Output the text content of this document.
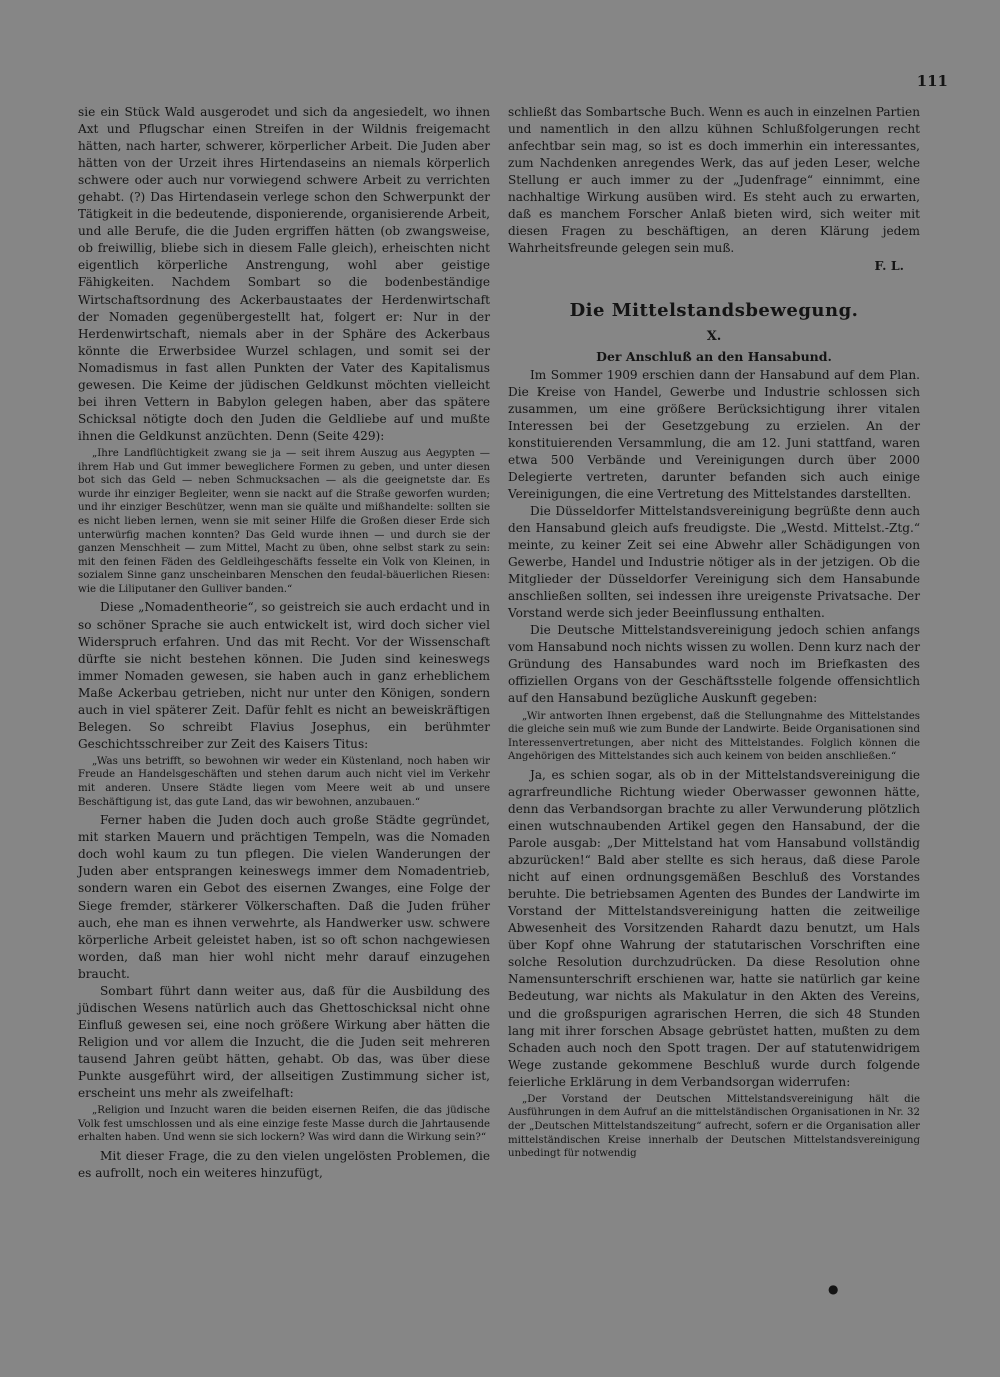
111

sie ein Stück Wald ausgerodet und sich da angesiedelt, wo ihnen Axt und Pflugschar einen Streifen in der Wildnis freigemacht hätten, nach harter, schwerer, körperlicher Arbeit. Die Juden aber hätten von der Urzeit ihres Hirtendaseins an niemals körperlich schwere oder auch nur vorwiegend schwere Arbeit zu verrichten gehabt. (?) Das Hirtendasein verlege schon den Schwerpunkt der Tätigkeit in die bedeutende, disponierende, organisierende Arbeit, und alle Berufe, die die Juden ergriffen hätten (ob zwangsweise, ob freiwillig, bliebe sich in diesem Falle gleich), erheischten nicht eigentlich körperliche Anstrengung, wohl aber geistige Fähigkeiten. Nachdem Sombart so die bodenbeständige Wirtschaftsordnung des Ackerbaustaates der Herdenwirtschaft der Nomaden gegenübergestellt hat, folgert er: Nur in der Herdenwirtschaft, niemals aber in der Sphäre des Ackerbaus könnte die Erwerbsidee Wurzel schlagen, und somit sei der Nomadismus in fast allen Punkten der Vater des Kapitalismus gewesen. Die Keime der jüdischen Geldkunst möchten vielleicht bei ihren Vettern in Babylon gelegen haben, aber das spätere Schicksal nötigte doch den Juden die Geldliebe auf und mußte ihnen die Geldkunst anzüchten. Denn (Seite 429):

„Ihre Landflüchtigkeit zwang sie ja — seit ihrem Auszug aus Aegypten — ihrem Hab und Gut immer beweglichere Formen zu geben, und unter diesen bot sich das Geld — neben Schmucksachen — als die geeignetste dar. Es wurde ihr einziger Begleiter, wenn sie nackt auf die Straße geworfen wurden; und ihr einziger Beschützer, wenn man sie quälte und mißhandelte: sollten sie es nicht lieben lernen, wenn sie mit seiner Hilfe die Großen dieser Erde sich unterwürfig machen konnten? Das Geld wurde ihnen — und durch sie der ganzen Menschheit — zum Mittel, Macht zu üben, ohne selbst stark zu sein: mit den feinen Fäden des Geldleihgeschäfts fesselte ein Volk von Kleinen, in sozialem Sinne ganz unscheinbaren Menschen den feudal-bäuerlichen Riesen: wie die Liliputaner den Gulliver banden.“

Diese „Nomadentheorie“, so geistreich sie auch erdacht und in so schöner Sprache sie auch entwickelt ist, wird doch sicher viel Widerspruch erfahren. Und das mit Recht. Vor der Wissenschaft dürfte sie nicht bestehen können. Die Juden sind keineswegs immer Nomaden gewesen, sie haben auch in ganz erheblichem Maße Ackerbau getrieben, nicht nur unter den Königen, sondern auch in viel späterer Zeit. Dafür fehlt es nicht an beweiskräftigen Belegen. So schreibt Flavius Josephus, ein berühmter Geschichtsschreiber zur Zeit des Kaisers Titus:

„Was uns betrifft, so bewohnen wir weder ein Küstenland, noch haben wir Freude an Handelsgeschäften und stehen darum auch nicht viel im Verkehr mit anderen. Unsere Städte liegen vom Meere weit ab und unsere Beschäftigung ist, das gute Land, das wir bewohnen, anzubauen.“

Ferner haben die Juden doch auch große Städte gegründet, mit starken Mauern und prächtigen Tempeln, was die Nomaden doch wohl kaum zu tun pflegen. Die vielen Wanderungen der Juden aber entsprangen keineswegs immer dem Nomadentrieb, sondern waren ein Gebot des eisernen Zwanges, eine Folge der Siege fremder, stärkerer Völkerschaften. Daß die Juden früher auch, ehe man es ihnen verwehrte, als Handwerker usw. schwere körperliche Arbeit geleistet haben, ist so oft schon nachgewiesen worden, daß man hier wohl nicht mehr darauf einzugehen braucht.

Sombart führt dann weiter aus, daß für die Ausbildung des jüdischen Wesens natürlich auch das Ghettoschicksal nicht ohne Einfluß gewesen sei, eine noch größere Wirkung aber hätten die Religion und vor allem die Inzucht, die die Juden seit mehreren tausend Jahren geübt hätten, gehabt. Ob das, was über diese Punkte ausgeführt wird, der allseitigen Zustimmung sicher ist, erscheint uns mehr als zweifelhaft:

„Religion und Inzucht waren die beiden eisernen Reifen, die das jüdische Volk fest umschlossen und als eine einzige feste Masse durch die Jahrtausende erhalten haben. Und wenn sie sich lockern? Was wird dann die Wirkung sein?“

Mit dieser Frage, die zu den vielen ungelösten Problemen, die es aufrollt, noch ein weiteres hinzufügt,

schließt das Sombartsche Buch. Wenn es auch in einzelnen Partien und namentlich in den allzu kühnen Schlußfolgerungen recht anfechtbar sein mag, so ist es doch immerhin ein interessantes, zum Nachdenken anregendes Werk, das auf jeden Leser, welche Stellung er auch immer zu der „Judenfrage“ einnimmt, eine nachhaltige Wirkung ausüben wird. Es steht auch zu erwarten, daß es manchem Forscher Anlaß bieten wird, sich weiter mit diesen Fragen zu beschäftigen, an deren Klärung jedem Wahrheitsfreunde gelegen sein muß.

F. L.

Die Mittelstandsbewegung.
X.
Der Anschluß an den Hansabund.

Im Sommer 1909 erschien dann der Hansabund auf dem Plan. Die Kreise von Handel, Gewerbe und Industrie schlossen sich zusammen, um eine größere Berücksichtigung ihrer vitalen Interessen bei der Gesetzgebung zu erzielen. An der konstituierenden Versammlung, die am 12. Juni stattfand, waren etwa 500 Verbände und Vereinigungen durch über 2000 Delegierte vertreten, darunter befanden sich auch einige Vereinigungen, die eine Vertretung des Mittelstandes darstellten.

Die Düsseldorfer Mittelstandsvereinigung begrüßte denn auch den Hansabund gleich aufs freudigste. Die „Westd. Mittelst.-Ztg.“ meinte, zu keiner Zeit sei eine Abwehr aller Schädigungen von Gewerbe, Handel und Industrie nötiger als in der jetzigen. Ob die Mitglieder der Düsseldorfer Vereinigung sich dem Hansabunde anschließen sollten, sei indessen ihre ureigenste Privatsache. Der Vorstand werde sich jeder Beeinflussung enthalten.

Die Deutsche Mittelstandsvereinigung jedoch schien anfangs vom Hansabund noch nichts wissen zu wollen. Denn kurz nach der Gründung des Hansabundes ward noch im Briefkasten des offiziellen Organs von der Geschäftsstelle folgende offensichtlich auf den Hansabund bezügliche Auskunft gegeben:

„Wir antworten Ihnen ergebenst, daß die Stellungnahme des Mittelstandes die gleiche sein muß wie zum Bunde der Landwirte. Beide Organisationen sind Interessenvertretungen, aber nicht des Mittelstandes. Folglich können die Angehörigen des Mittelstandes sich auch keinem von beiden anschließen.“

Ja, es schien sogar, als ob in der Mittelstandsvereinigung die agrarfreundliche Richtung wieder Oberwasser gewonnen hätte, denn das Verbandsorgan brachte zu aller Verwunderung plötzlich einen wutschnaubenden Artikel gegen den Hansabund, der die Parole ausgab: „Der Mittelstand hat vom Hansabund vollständig abzurücken!“ Bald aber stellte es sich heraus, daß diese Parole nicht auf einen ordnungsgemäßen Beschluß des Vorstandes beruhte. Die betriebsamen Agenten des Bundes der Landwirte im Vorstand der Mittelstandsvereinigung hatten die zeitweilige Abwesenheit des Vorsitzenden Rahardt dazu benutzt, um Hals über Kopf ohne Wahrung der statutarischen Vorschriften eine solche Resolution durchzudrücken. Da diese Resolution ohne Namensunterschrift erschienen war, hatte sie natürlich gar keine Bedeutung, war nichts als Makulatur in den Akten des Vereins, und die großspurigen agrarischen Herren, die sich 48 Stunden lang mit ihrer forschen Absage gebrüstet hatten, mußten zu dem Schaden auch noch den Spott tragen. Der auf statutenwidrigem Wege zustande gekommene Beschluß wurde durch folgende feierliche Erklärung in dem Verbandsorgan widerrufen:

„Der Vorstand der Deutschen Mittelstandsvereinigung hält die Ausführungen in dem Aufruf an die mittelständischen Organisationen in Nr. 32 der „Deutschen Mittelstandszeitung“ aufrecht, sofern er die Organisation aller mittelständischen Kreise innerhalb der Deutschen Mittelstandsvereinigung unbedingt für notwendig

●
